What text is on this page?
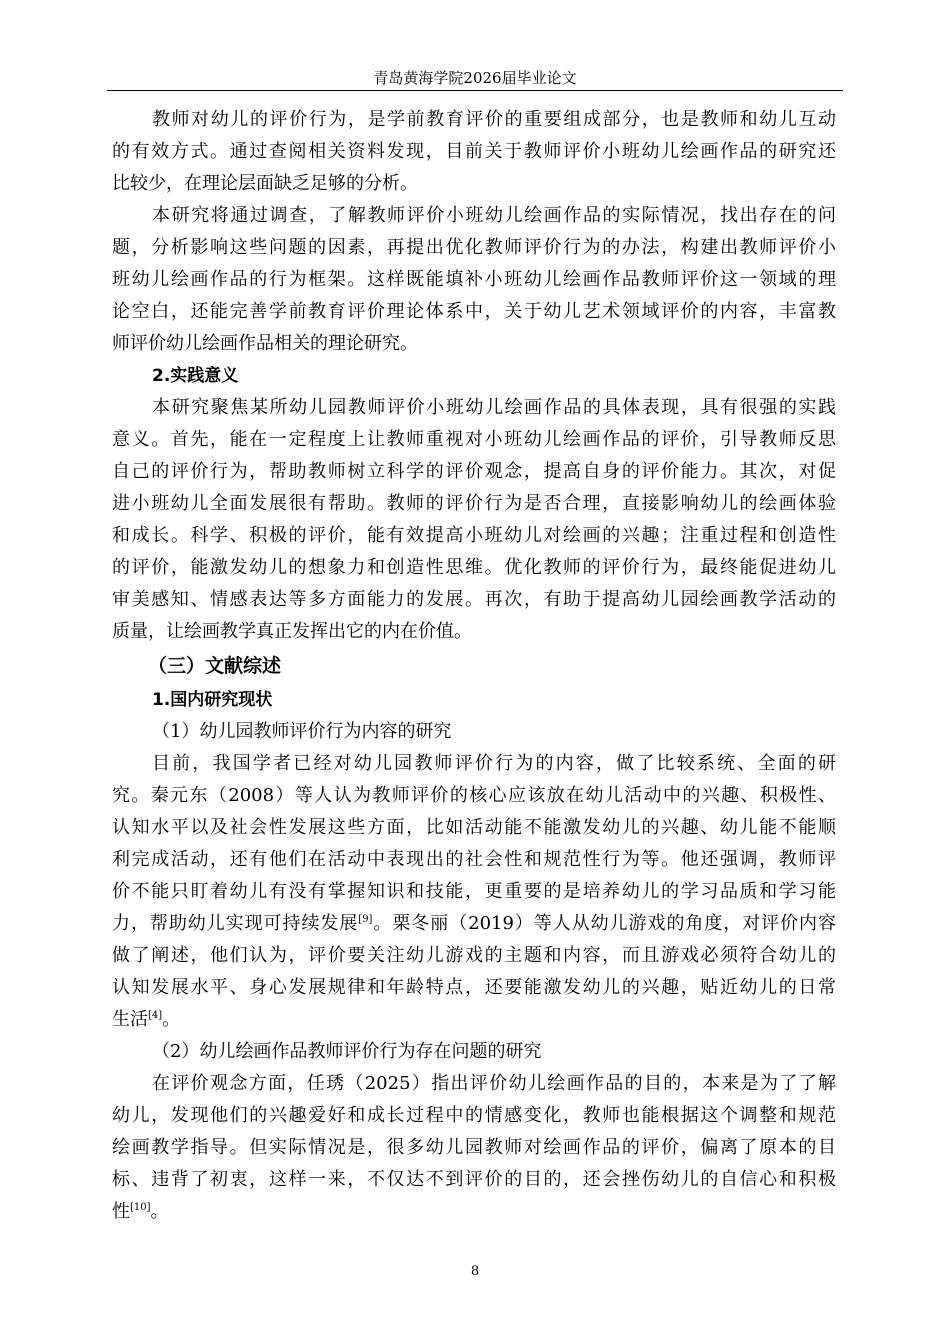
青岛黄海学院2026届毕业论文
教师对幼儿的评价行为，是学前教育评价的重要组成部分，也是教师和幼儿互动
的有效方式。通过查阅相关资料发现，目前关于教师评价小班幼儿绘画作品的研究还
比较少，在理论层面缺乏足够的分析。
本研究将通过调查，了解教师评价小班幼儿绘画作品的实际情况，找出存在的问
题，分析影响这些问题的因素，再提出优化教师评价行为的办法，构建出教师评价小
班幼儿绘画作品的行为框架。这样既能填补小班幼儿绘画作品教师评价这一领域的理
论空白，还能完善学前教育评价理论体系中，关于幼儿艺术领域评价的内容，丰富教
师评价幼儿绘画作品相关的理论研究。
2.实践意义
本研究聚焦某所幼儿园教师评价小班幼儿绘画作品的具体表现，具有很强的实践
意义。首先，能在一定程度上让教师重视对小班幼儿绘画作品的评价，引导教师反思
自己的评价行为，帮助教师树立科学的评价观念，提高自身的评价能力。其次，对促
进小班幼儿全面发展很有帮助。教师的评价行为是否合理，直接影响幼儿的绘画体验
和成长。科学、积极的评价，能有效提高小班幼儿对绘画的兴趣；注重过程和创造性
的评价，能激发幼儿的想象力和创造性思维。优化教师的评价行为，最终能促进幼儿
审美感知、情感表达等多方面能力的发展。再次，有助于提高幼儿园绘画教学活动的
质量，让绘画教学真正发挥出它的内在价值。
（三）文献综述
1.国内研究现状
（1）幼儿园教师评价行为内容的研究
目前，我国学者已经对幼儿园教师评价行为的内容，做了比较系统、全面的研
究。秦元东（2008）等人认为教师评价的核心应该放在幼儿活动中的兴趣、积极性、
认知水平以及社会性发展这些方面，比如活动能不能激发幼儿的兴趣、幼儿能不能顺
利完成活动，还有他们在活动中表现出的社会性和规范性行为等。他还强调，教师评
价不能只盯着幼儿有没有掌握知识和技能，更重要的是培养幼儿的学习品质和学习能
力，帮助幼儿实现可持续发展[9]。栗冬丽（2019）等人从幼儿游戏的角度，对评价内容
做了阐述，他们认为，评价要关注幼儿游戏的主题和内容，而且游戏必须符合幼儿的
认知发展水平、身心发展规律和年龄特点，还要能激发幼儿的兴趣，贴近幼儿的日常
生活[4]。
（2）幼儿绘画作品教师评价行为存在问题的研究
在评价观念方面，任琇（2025）指出评价幼儿绘画作品的目的，本来是为了了解
幼儿，发现他们的兴趣爱好和成长过程中的情感变化，教师也能根据这个调整和规范
绘画教学指导。但实际情况是，很多幼儿园教师对绘画作品的评价，偏离了原本的目
标、违背了初衷，这样一来，不仅达不到评价的目的，还会挫伤幼儿的自信心和积极
性[10]。
8
